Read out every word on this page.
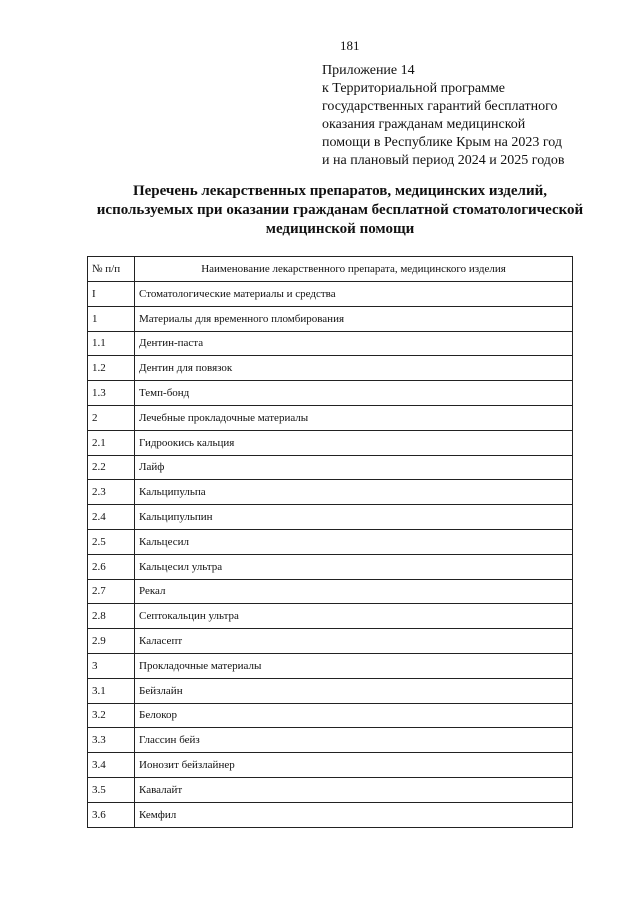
181
Приложение 14
к Территориальной программе
государственных гарантий бесплатного
оказания гражданам медицинской
помощи в Республике Крым на 2023 год
и на плановый период 2024 и 2025 годов
Перечень лекарственных препаратов, медицинских изделий,
используемых при оказании гражданам бесплатной стоматологической
медицинской помощи
№ п/п	Наименование лекарственного препарата, медицинского изделия
I	Стоматологические материалы и средства
1	Материалы для временного пломбирования
1.1	Дентин-паста
1.2	Дентин для повязок
1.3	Темп-бонд
2	Лечебные прокладочные материалы
2.1	Гидроокись кальция
2.2	Лайф
2.3	Кальципульпа
2.4	Кальципульпин
2.5	Кальцесил
2.6	Кальцесил ультра
2.7	Рекал
2.8	Септокальцин ультра
2.9	Каласепт
3	Прокладочные материалы
3.1	Бейзлайн
3.2	Белокор
3.3	Глассин бейз
3.4	Ионозит бейзлайнер
3.5	Кавалайт
3.6	Кемфил
